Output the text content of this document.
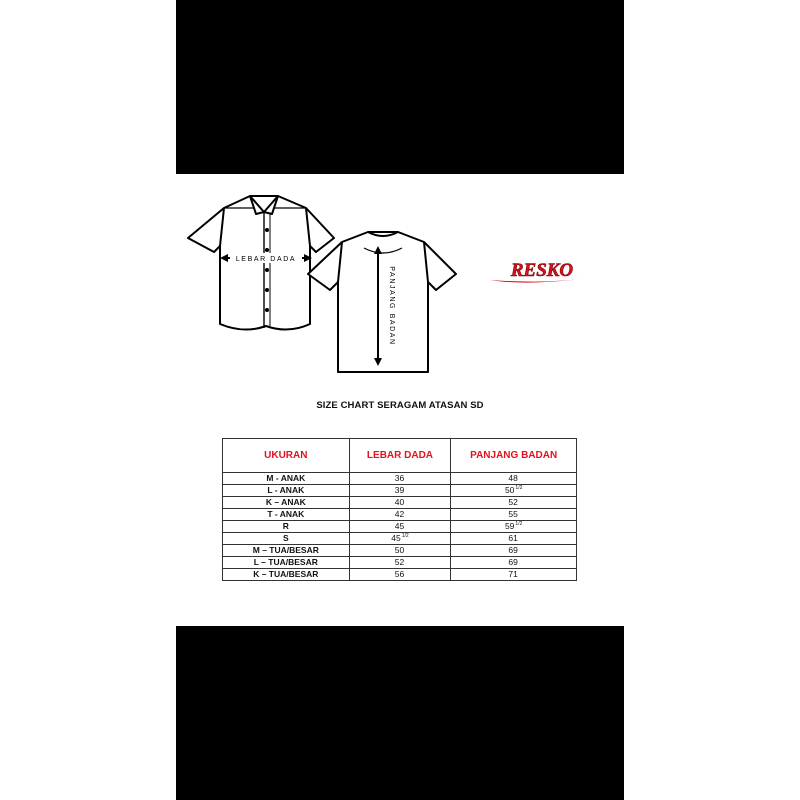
LEBAR DADA
PANJANG BADAN	RESKO
SIZE CHART SERAGAM ATASAN SD
UKURAN	LEBAR DADA	PANJANG BADAN
M - ANAK	36	48
L - ANAK	39	$50^{1/2}$
K – ANAK	40	52
T - ANAK	42	55
R	45	$59^{1/2}$
S	$45^{1/2}$	61
M – TUA/BESAR	50	69
L – TUA/BESAR	52	69
K – TUA/BESAR	56	71
